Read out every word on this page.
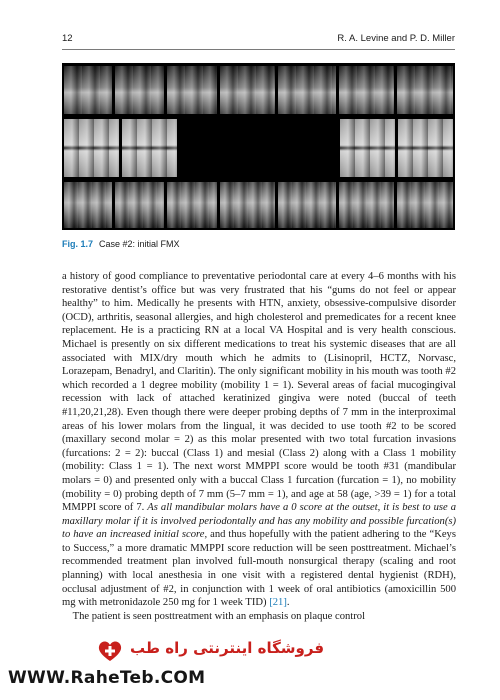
12	R. A. Levine and P. D. Miller
Fig. 1.7 Case #2: initial FMX

a history of good compliance to preventative periodontal care at every 4–6 months with his restorative dentist’s office but was very frustrated that his “gums do not feel or appear healthy” to him. Medically he presents with HTN, anxiety, obsessive-compulsive disorder (OCD), arthritis, seasonal allergies, and high cholesterol and premedicates for a recent knee replacement. He is a practicing RN at a local VA Hospital and is very health conscious. Michael is presently on six different medications to treat his systemic diseases that are all associated with MIX/dry mouth which he admits to (Lisinopril, HCTZ, Norvasc, Lorazepam, Benadryl, and Claritin). The only significant mobility in his mouth was tooth #2 which recorded a 1 degree mobility (mobility 1 = 1). Several areas of facial mucogingival recession with lack of attached keratinized gingiva were noted (buccal of teeth #11,20,21,28). Even though there were deeper probing depths of 7 mm in the interproximal areas of his lower molars from the lingual, it was decided to use tooth #2 to be scored (maxillary second molar = 2) as this molar presented with two total furcation invasions (furcations: 2 = 2): buccal (Class 1) and mesial (Class 2) along with a Class 1 mobility (mobility: Class 1 = 1). The next worst MMPPI score would be tooth #31 (mandibular molars = 0) and presented only with a buccal Class 1 furcation (furcation = 1), no mobility (mobility = 0) probing depth of 7 mm (5–7 mm = 1), and age at 58 (age, >39 = 1) for a total MMPPI score of 7. As all mandibular molars have a 0 score at the outset, it is best to use a maxillary molar if it is involved periodontally and has any mobility and possible furcation(s) to have an increased initial score, and thus hopefully with the patient adhering to the “Keys to Success,” a more dramatic MMPPI score reduction will be seen posttreatment. Michael’s recommended treatment plan involved full-mouth nonsurgical therapy (scaling and root planning) with local anesthesia in one visit with a registered dental hygienist (RDH), occlusal adjustment of #2, in conjunction with 1 week of oral antibiotics (amoxicillin 500 mg with metronidazole 250 mg for 1 week TID) [21].

The patient is seen posttreatment with an emphasis on plaque control

فروشگاه اینترنتی راه طب
WWW.RaheTeb.COM
